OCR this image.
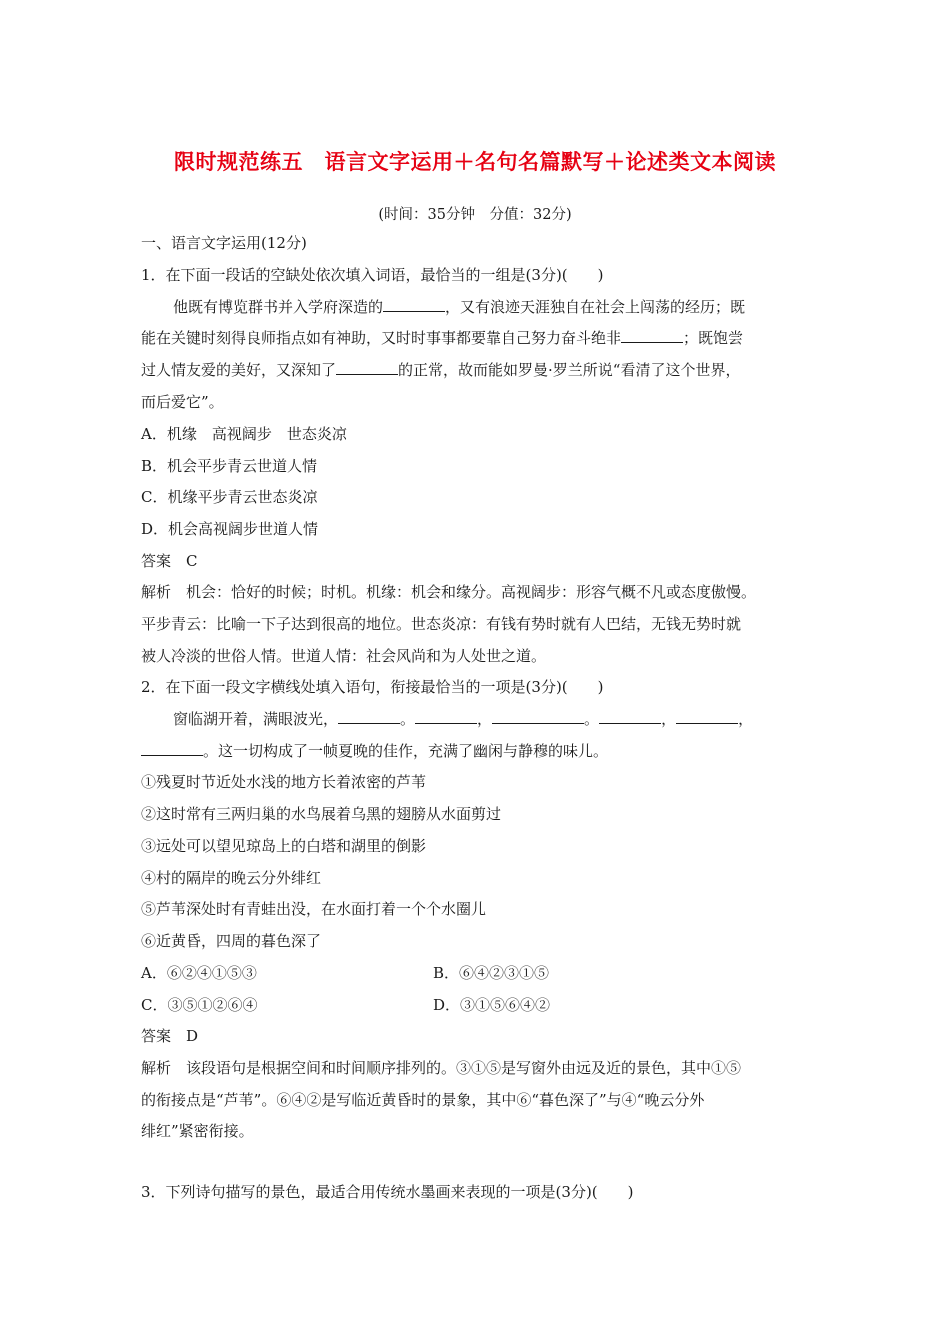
限时规范练五　语言文字运用＋名句名篇默写＋论述类文本阅读
(时间：35分钟　分值：32分)
一、语言文字运用(12分)
1．在下面一段话的空缺处依次填入词语，最恰当的一组是(3分)(　　)
他既有博览群书并入学府深造的	，又有浪迹天涯独自在社会上闯荡的经历；既
能在关键时刻得良师指点如有神助，又时时事事都要靠自己努力奋斗绝非	；既饱尝
过人情友爱的美好，又深知了	的正常，故而能如罗曼·罗兰所说“看清了这个世界，
而后爱它”。
A．机缘　高视阔步　世态炎凉
B．机会平步青云世道人情
C．机缘平步青云世态炎凉
D．机会高视阔步世道人情
答案　C
解析　机会：恰好的时候；时机。机缘：机会和缘分。高视阔步：形容气概不凡或态度傲慢。
平步青云：比喻一下子达到很高的地位。世态炎凉：有钱有势时就有人巴结，无钱无势时就
被人冷淡的世俗人情。世道人情：社会风尚和为人处世之道。
2．在下面一段文字横线处填入语句，衔接最恰当的一项是(3分)(　　)
窗临湖开着，满眼波光，	。	，	。	，	，
。这一切构成了一帧夏晚的佳作，充满了幽闲与静穆的味儿。
①残夏时节近处水浅的地方长着浓密的芦苇
②这时常有三两归巢的水鸟展着乌黑的翅膀从水面剪过
③远处可以望见琼岛上的白塔和湖里的倒影
④村的隔岸的晚云分外绯红
⑤芦苇深处时有青蛙出没，在水面打着一个个水圈儿
⑥近黄昏，四周的暮色深了
A．⑥②④①⑤③	B．⑥④②③①⑤
C．③⑤①②⑥④	D．③①⑤⑥④②
答案　D
解析　该段语句是根据空间和时间顺序排列的。③①⑤是写窗外由远及近的景色，其中①⑤
的衔接点是“芦苇”。⑥④②是写临近黄昏时的景象，其中⑥“暮色深了”与④“晚云分外
绯红”紧密衔接。
3．下列诗句描写的景色，最适合用传统水墨画来表现的一项是(3分)(　　)
